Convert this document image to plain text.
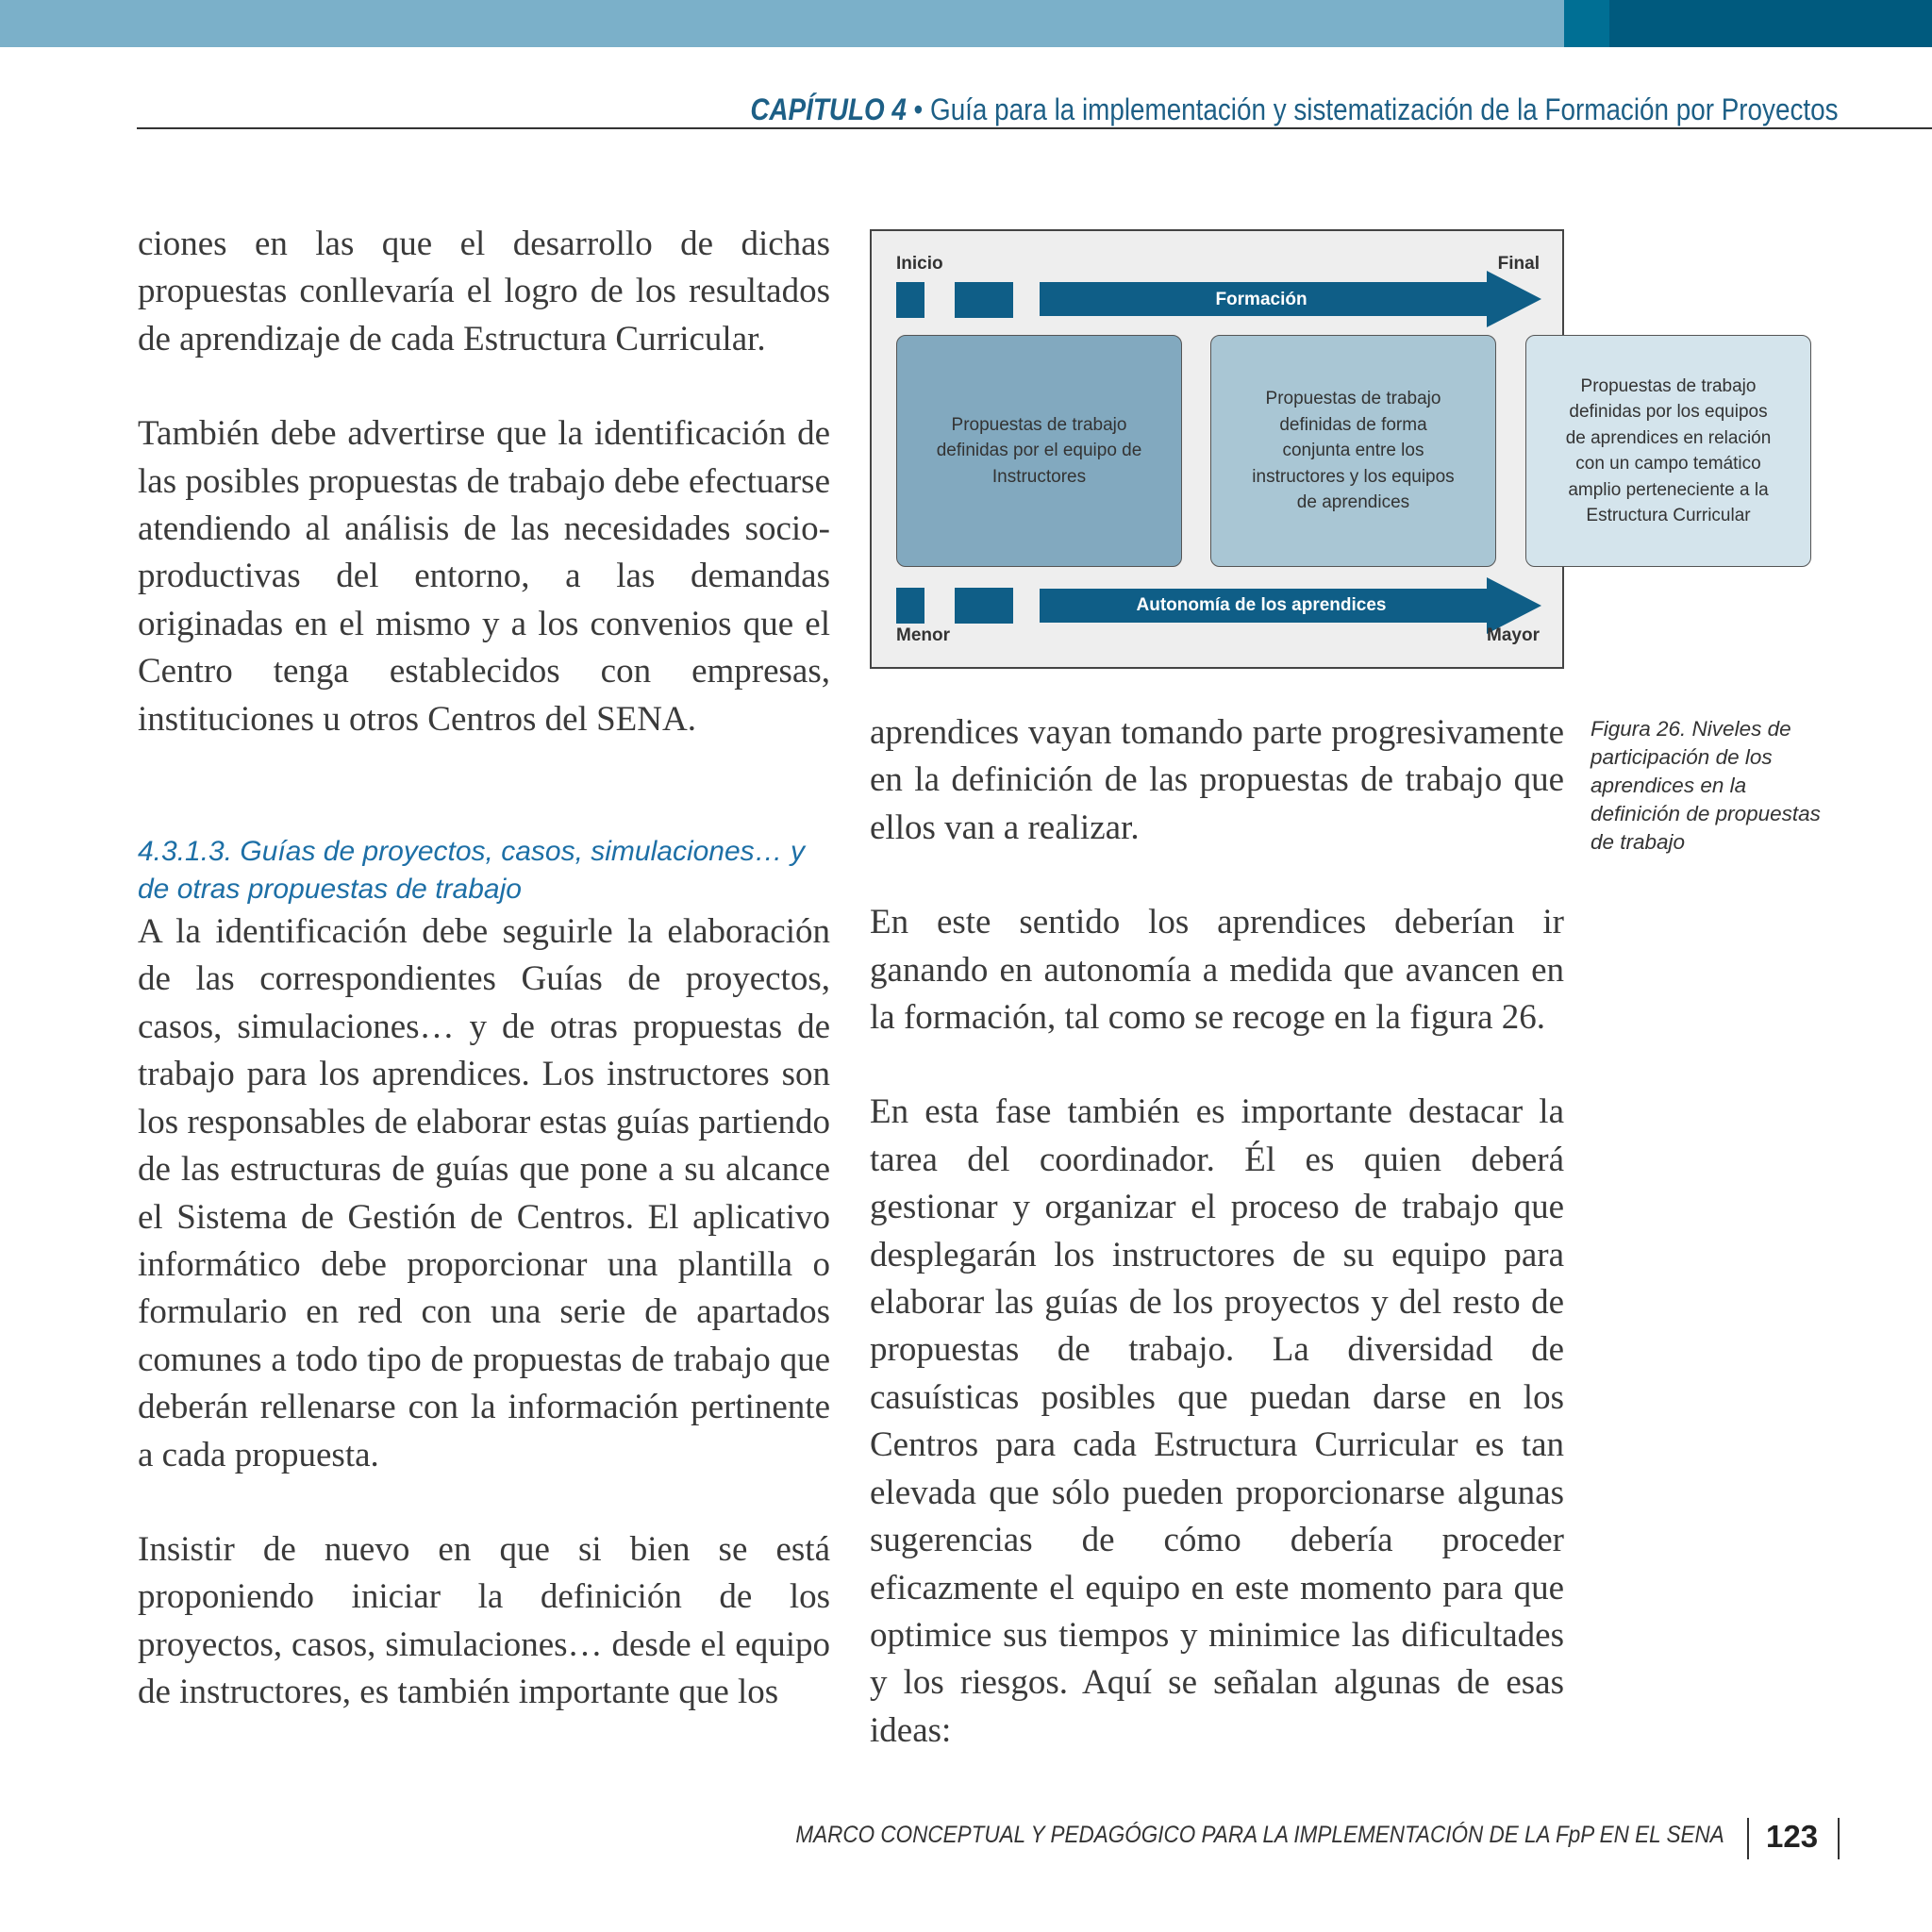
CAPÍTULO 4 • Guía para la implementación y sistematización de la Formación por Proyectos

ciones en las que el desarrollo de dichas propuestas conllevaría el logro de los resultados de aprendizaje de cada Estructura Curricular.

También debe advertirse que la identificación de las posibles propuestas de trabajo debe efectuarse atendiendo al análisis de las necesidades socio-productivas del entorno, a las demandas originadas en el mismo y a los convenios que el Centro tenga establecidos con empresas, instituciones u otros Centros del SENA.

4.3.1.3. Guías de proyectos, casos, simulaciones… y de otras propuestas de trabajo

A la identificación debe seguirle la elaboración de las correspondientes Guías de proyectos, casos, simulaciones… y de otras propuestas de trabajo para los aprendices. Los instructores son los responsables de elaborar estas guías partiendo de las estructuras de guías que pone a su alcance el Sistema de Gestión de Centros. El aplicativo informático debe proporcionar una plantilla o formulario en red con una serie de apartados comunes a todo tipo de propuestas de trabajo que deberán rellenarse con la información pertinente a cada propuesta.

Insistir de nuevo en que si bien se está proponiendo iniciar la definición de los proyectos, casos, simulaciones… desde el equipo de instructores, es también importante que los

Inicio	Final
Formación
Propuestas de trabajo
definidas por el equipo de
Instructores
Propuestas de trabajo
definidas de forma
conjunta entre los
instructores y los equipos
de aprendices
Propuestas de trabajo
definidas por los equipos
de aprendices en relación
con un campo temático
amplio perteneciente a la
Estructura Curricular
Autonomía de los aprendices
Menor	Mayor
Figura 26. Niveles de participación de los aprendices en la definición de propuestas de trabajo

aprendices vayan tomando parte progresivamente en la definición de las propuestas de trabajo que ellos van a realizar.

En este sentido los aprendices deberían ir ganando en autonomía a medida que avancen en la formación, tal como se recoge en la figura 26.

En esta fase también es importante destacar la tarea del coordinador. Él es quien deberá gestionar y organizar el proceso de trabajo que desplegarán los instructores de su equipo para elaborar las guías de los proyectos y del resto de propuestas de trabajo. La diversidad de casuísticas posibles que puedan darse en los Centros para cada Estructura Curricular es tan elevada que sólo pueden proporcionarse algunas sugerencias de cómo debería proceder eficazmente el equipo en este momento para que optimice sus tiempos y minimice las dificultades y los riesgos. Aquí se señalan algunas de esas ideas:

MARCO CONCEPTUAL Y PEDAGÓGICO PARA LA IMPLEMENTACIÓN DE LA FpP EN EL SENA 123
